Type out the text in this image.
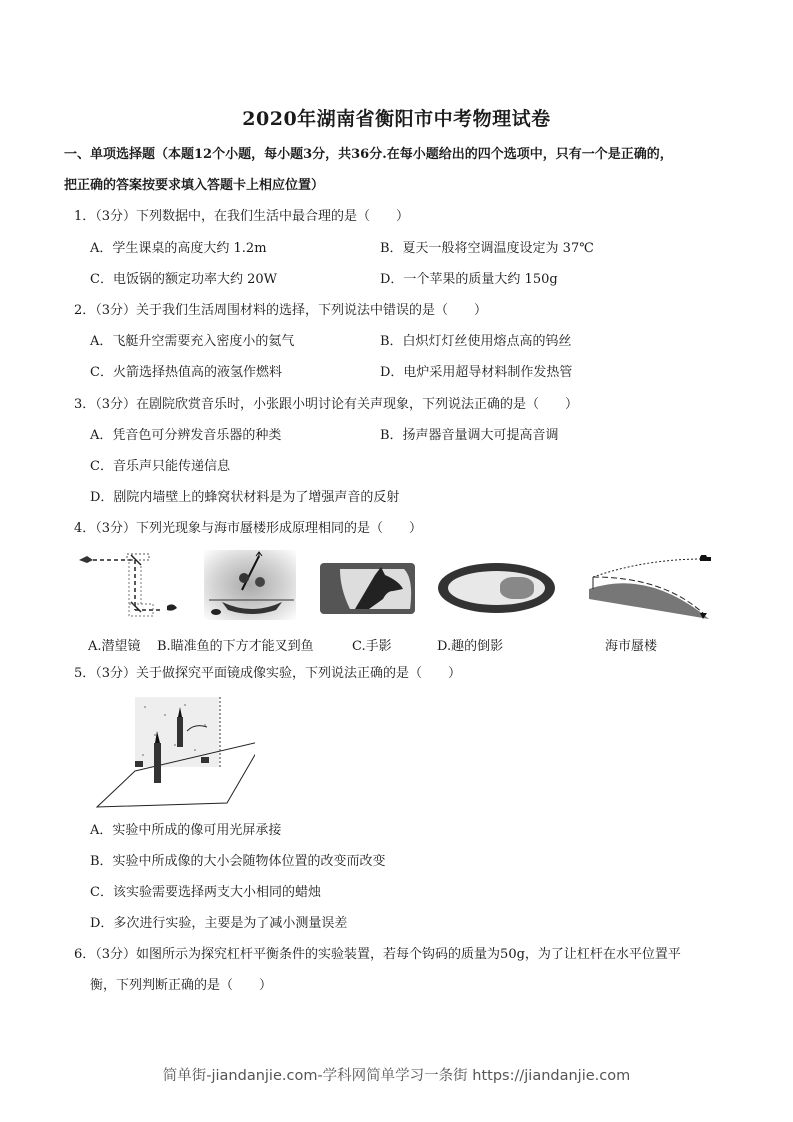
2020年湖南省衡阳市中考物理试卷
一、单项选择题（本题12个小题，每小题3分，共36分.在每小题给出的四个选项中，只有一个是正确的，
把正确的答案按要求填入答题卡上相应位置）
1．（3分）下列数据中，在我们生活中最合理的是（　　）
A．学生课桌的高度大约 1.2m	B．夏天一般将空调温度设定为 37℃
C．电饭锅的额定功率大约 20W	D．一个苹果的质量大约 150g
2．（3分）关于我们生活周围材料的选择，下列说法中错误的是（　　）
A．飞艇升空需要充入密度小的氦气	B．白炽灯灯丝使用熔点高的钨丝
C．火箭选择热值高的液氢作燃料	D．电炉采用超导材料制作发热管
3．（3分）在剧院欣赏音乐时，小张跟小明讨论有关声现象，下列说法正确的是（　　）
A．凭音色可分辨发音乐器的种类	B．扬声器音量调大可提高音调
C．音乐声只能传递信息
D．剧院内墙壁上的蜂窝状材料是为了增强声音的反射
4．（3分）下列光现象与海市蜃楼形成原理相同的是（　　）
A.潜望镜 B.瞄准鱼的下方才能叉到鱼	C.手影	D.趣的倒影	海市蜃楼
5．（3分）关于做探究平面镜成像实验，下列说法正确的是（　　）
A．实验中所成的像可用光屏承接
B．实验中所成像的大小会随物体位置的改变而改变
C．该实验需要选择两支大小相同的蜡烛
D．多次进行实验，主要是为了减小测量误差
6．（3分）如图所示为探究杠杆平衡条件的实验装置，若每个钩码的质量为50g，为了让杠杆在水平位置平
衡，下列判断正确的是（　　）
简单街-jiandanjie.com-学科网简单学习一条街 https://jiandanjie.com
